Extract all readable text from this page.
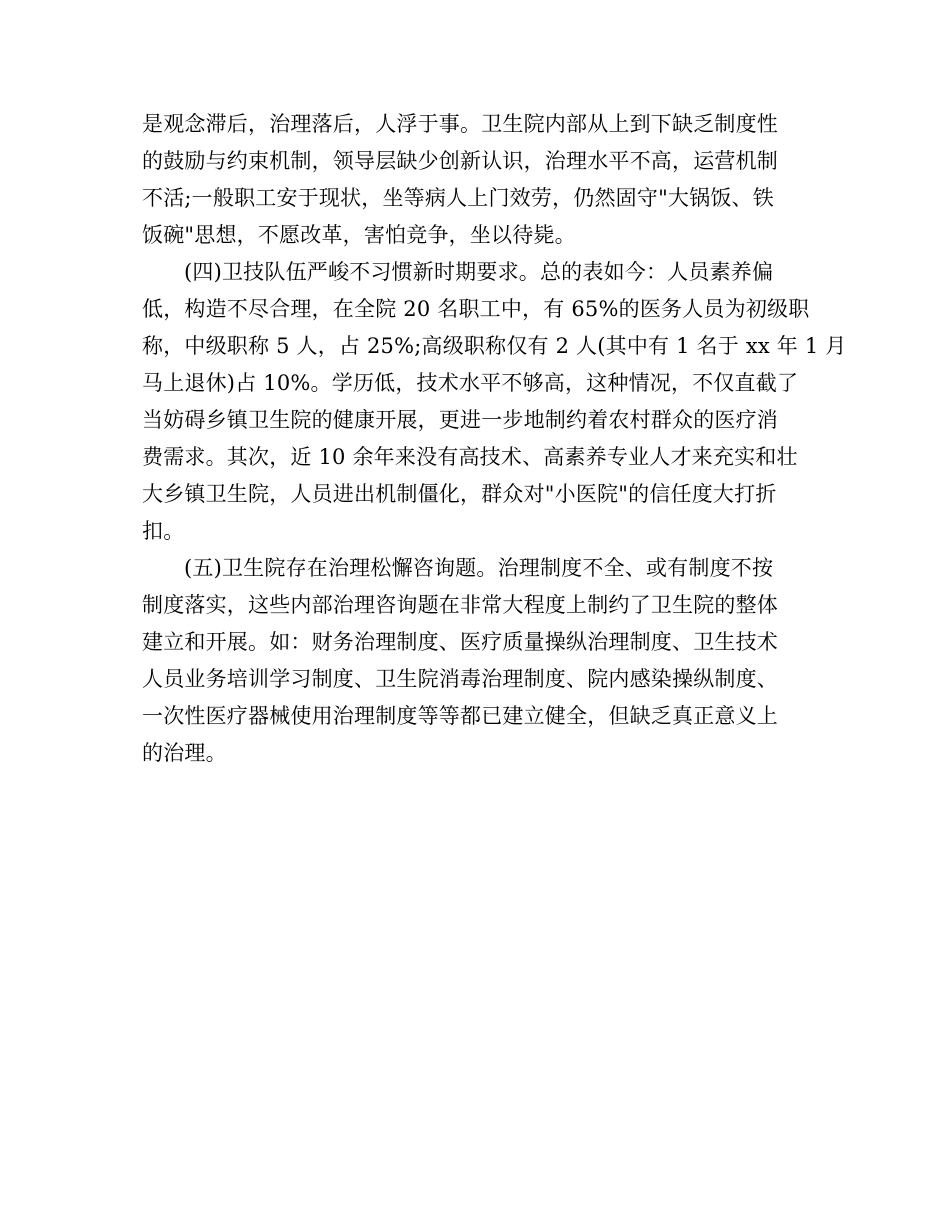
是观念滞后，治理落后，人浮于事。卫生院内部从上到下缺乏制度性
的鼓励与约束机制，领导层缺少创新认识，治理水平不高，运营机制
不活;一般职工安于现状，坐等病人上门效劳，仍然固守"大锅饭、铁
饭碗"思想，不愿改革，害怕竞争，坐以待毙。
(四)卫技队伍严峻不习惯新时期要求。总的表如今：人员素养偏
低，构造不尽合理，在全院 20 名职工中，有 65%的医务人员为初级职
称，中级职称 5 人，占 25%;高级职称仅有 2 人(其中有 1 名于 xx 年 1 月
马上退休)占 10%。学历低，技术水平不够高，这种情况，不仅直截了
当妨碍乡镇卫生院的健康开展，更进一步地制约着农村群众的医疗消
费需求。其次，近 10 余年来没有高技术、高素养专业人才来充实和壮
大乡镇卫生院，人员进出机制僵化，群众对"小医院"的信任度大打折
扣。
(五)卫生院存在治理松懈咨询题。治理制度不全、或有制度不按
制度落实，这些内部治理咨询题在非常大程度上制约了卫生院的整体
建立和开展。如：财务治理制度、医疗质量操纵治理制度、卫生技术
人员业务培训学习制度、卫生院消毒治理制度、院内感染操纵制度、
一次性医疗器械使用治理制度等等都已建立健全，但缺乏真正意义上
的治理。
